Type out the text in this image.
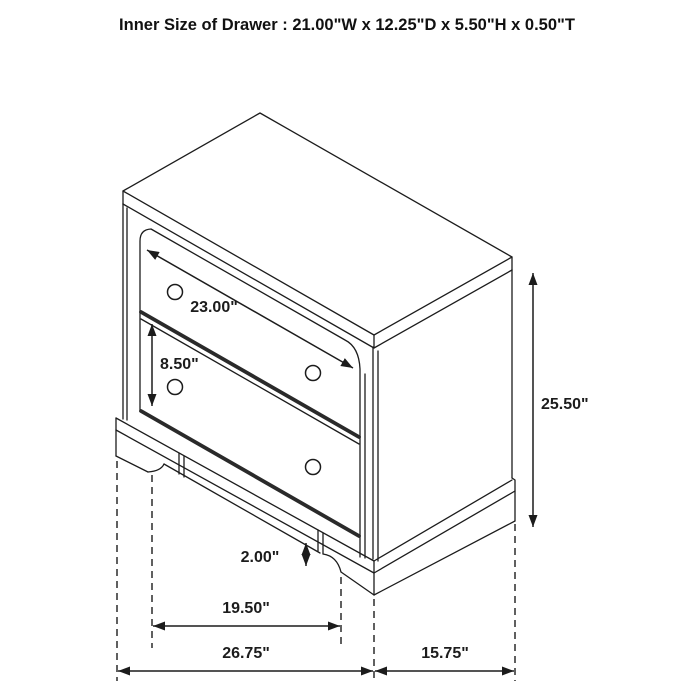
Inner Size of Drawer : 21.00"W x 12.25"D x 5.50"H x 0.50"T
23.00"
8.50"
25.50"
2.00"
19.50"
26.75"	15.75"
